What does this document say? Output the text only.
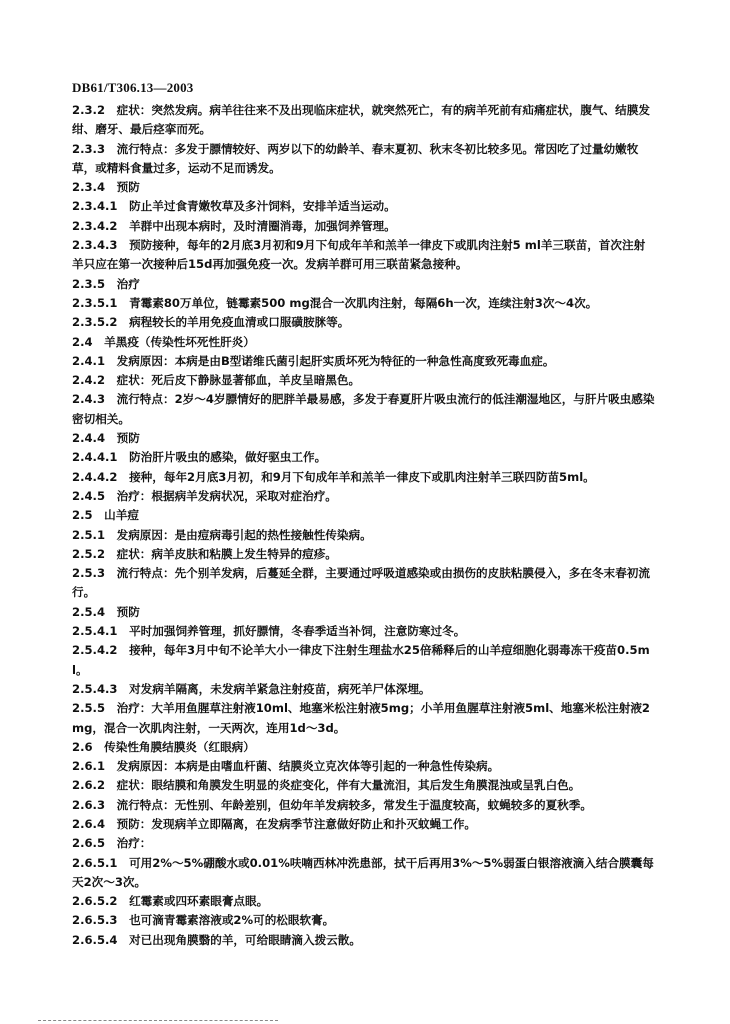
DB61/T306.13—2003

2.3.2　症状：突然发病。病羊往往来不及出现临床症状，就突然死亡，有的病羊死前有疝痛症状，腹气、结膜发绀、磨牙、最后痉挛而死。

2.3.3　流行特点：多发于膘情较好、两岁以下的幼龄羊、春末夏初、秋末冬初比较多见。常因吃了过量幼嫩牧草，或精料食量过多，运动不足而诱发。

2.3.4　预防

2.3.4.1　防止羊过食青嫩牧草及多汁饲料，安排羊适当运动。

2.3.4.2　羊群中出现本病时，及时清圈消毒，加强饲养管理。

2.3.4.3　预防接种，每年的2月底3月初和9月下旬成年羊和羔羊一律皮下或肌肉注射5 ml羊三联苗，首次注射羊只应在第一次接种后15d再加强免疫一次。发病羊群可用三联苗紧急接种。

2.3.5　治疗

2.3.5.1　青霉素80万单位，链霉素500 mg混合一次肌肉注射，每隔6h一次，连续注射3次～4次。

2.3.5.2　病程较长的羊用免疫血清或口服磺胺脒等。

2.4　羊黑疫（传染性坏死性肝炎）

2.4.1　发病原因：本病是由B型诺维氏菌引起肝实质坏死为特征的一种急性高度致死毒血症。

2.4.2　症状：死后皮下静脉显著郁血，羊皮呈暗黑色。

2.4.3　流行特点：2岁～4岁膘情好的肥胖羊最易感，多发于春夏肝片吸虫流行的低洼潮湿地区，与肝片吸虫感染密切相关。

2.4.4　预防

2.4.4.1　防治肝片吸虫的感染，做好驱虫工作。

2.4.4.2　接种，每年2月底3月初，和9月下旬成年羊和羔羊一律皮下或肌肉注射羊三联四防苗5ml。

2.4.5　治疗：根据病羊发病状况，采取对症治疗。

2.5　山羊痘

2.5.1　发病原因：是由痘病毒引起的热性接触性传染病。

2.5.2　症状：病羊皮肤和粘膜上发生特异的痘疹。

2.5.3　流行特点：先个别羊发病，后蔓延全群，主要通过呼吸道感染或由损伤的皮肤粘膜侵入，多在冬末春初流行。

2.5.4　预防

2.5.4.1　平时加强饲养管理，抓好膘情，冬春季适当补饲，注意防寒过冬。

2.5.4.2　接种，每年3月中旬不论羊大小一律皮下注射生理盐水25倍稀释后的山羊痘细胞化弱毒冻干疫苗0.5ml。

2.5.4.3　对发病羊隔离，未发病羊紧急注射疫苗，病死羊尸体深埋。

2.5.5　治疗：大羊用鱼腥草注射液10ml、地塞米松注射液5mg；小羊用鱼腥草注射液5ml、地塞米松注射液2mg，混合一次肌肉注射，一天两次，连用1d～3d。

2.6　传染性角膜结膜炎（红眼病）

2.6.1　发病原因：本病是由嗜血杆菌、结膜炎立克次体等引起的一种急性传染病。

2.6.2　症状：眼结膜和角膜发生明显的炎症变化，伴有大量流泪，其后发生角膜混浊或呈乳白色。

2.6.3　流行特点：无性别、年龄差别，但幼年羊发病较多，常发生于温度较高，蚊蝇较多的夏秋季。

2.6.4　预防：发现病羊立即隔离，在发病季节注意做好防止和扑灭蚊蝇工作。

2.6.5　治疗：

2.6.5.1　可用2%～5%硼酸水或0.01%呋喃西林冲洗患部，拭干后再用3%～5%弱蛋白银溶液滴入结合膜囊每天2次～3次。

2.6.5.2　红霉素或四环素眼膏点眼。

2.6.5.3　也可滴青霉素溶液或2%可的松眼软膏。

2.6.5.4　对已出现角膜翳的羊，可给眼睛滴入拨云散。
